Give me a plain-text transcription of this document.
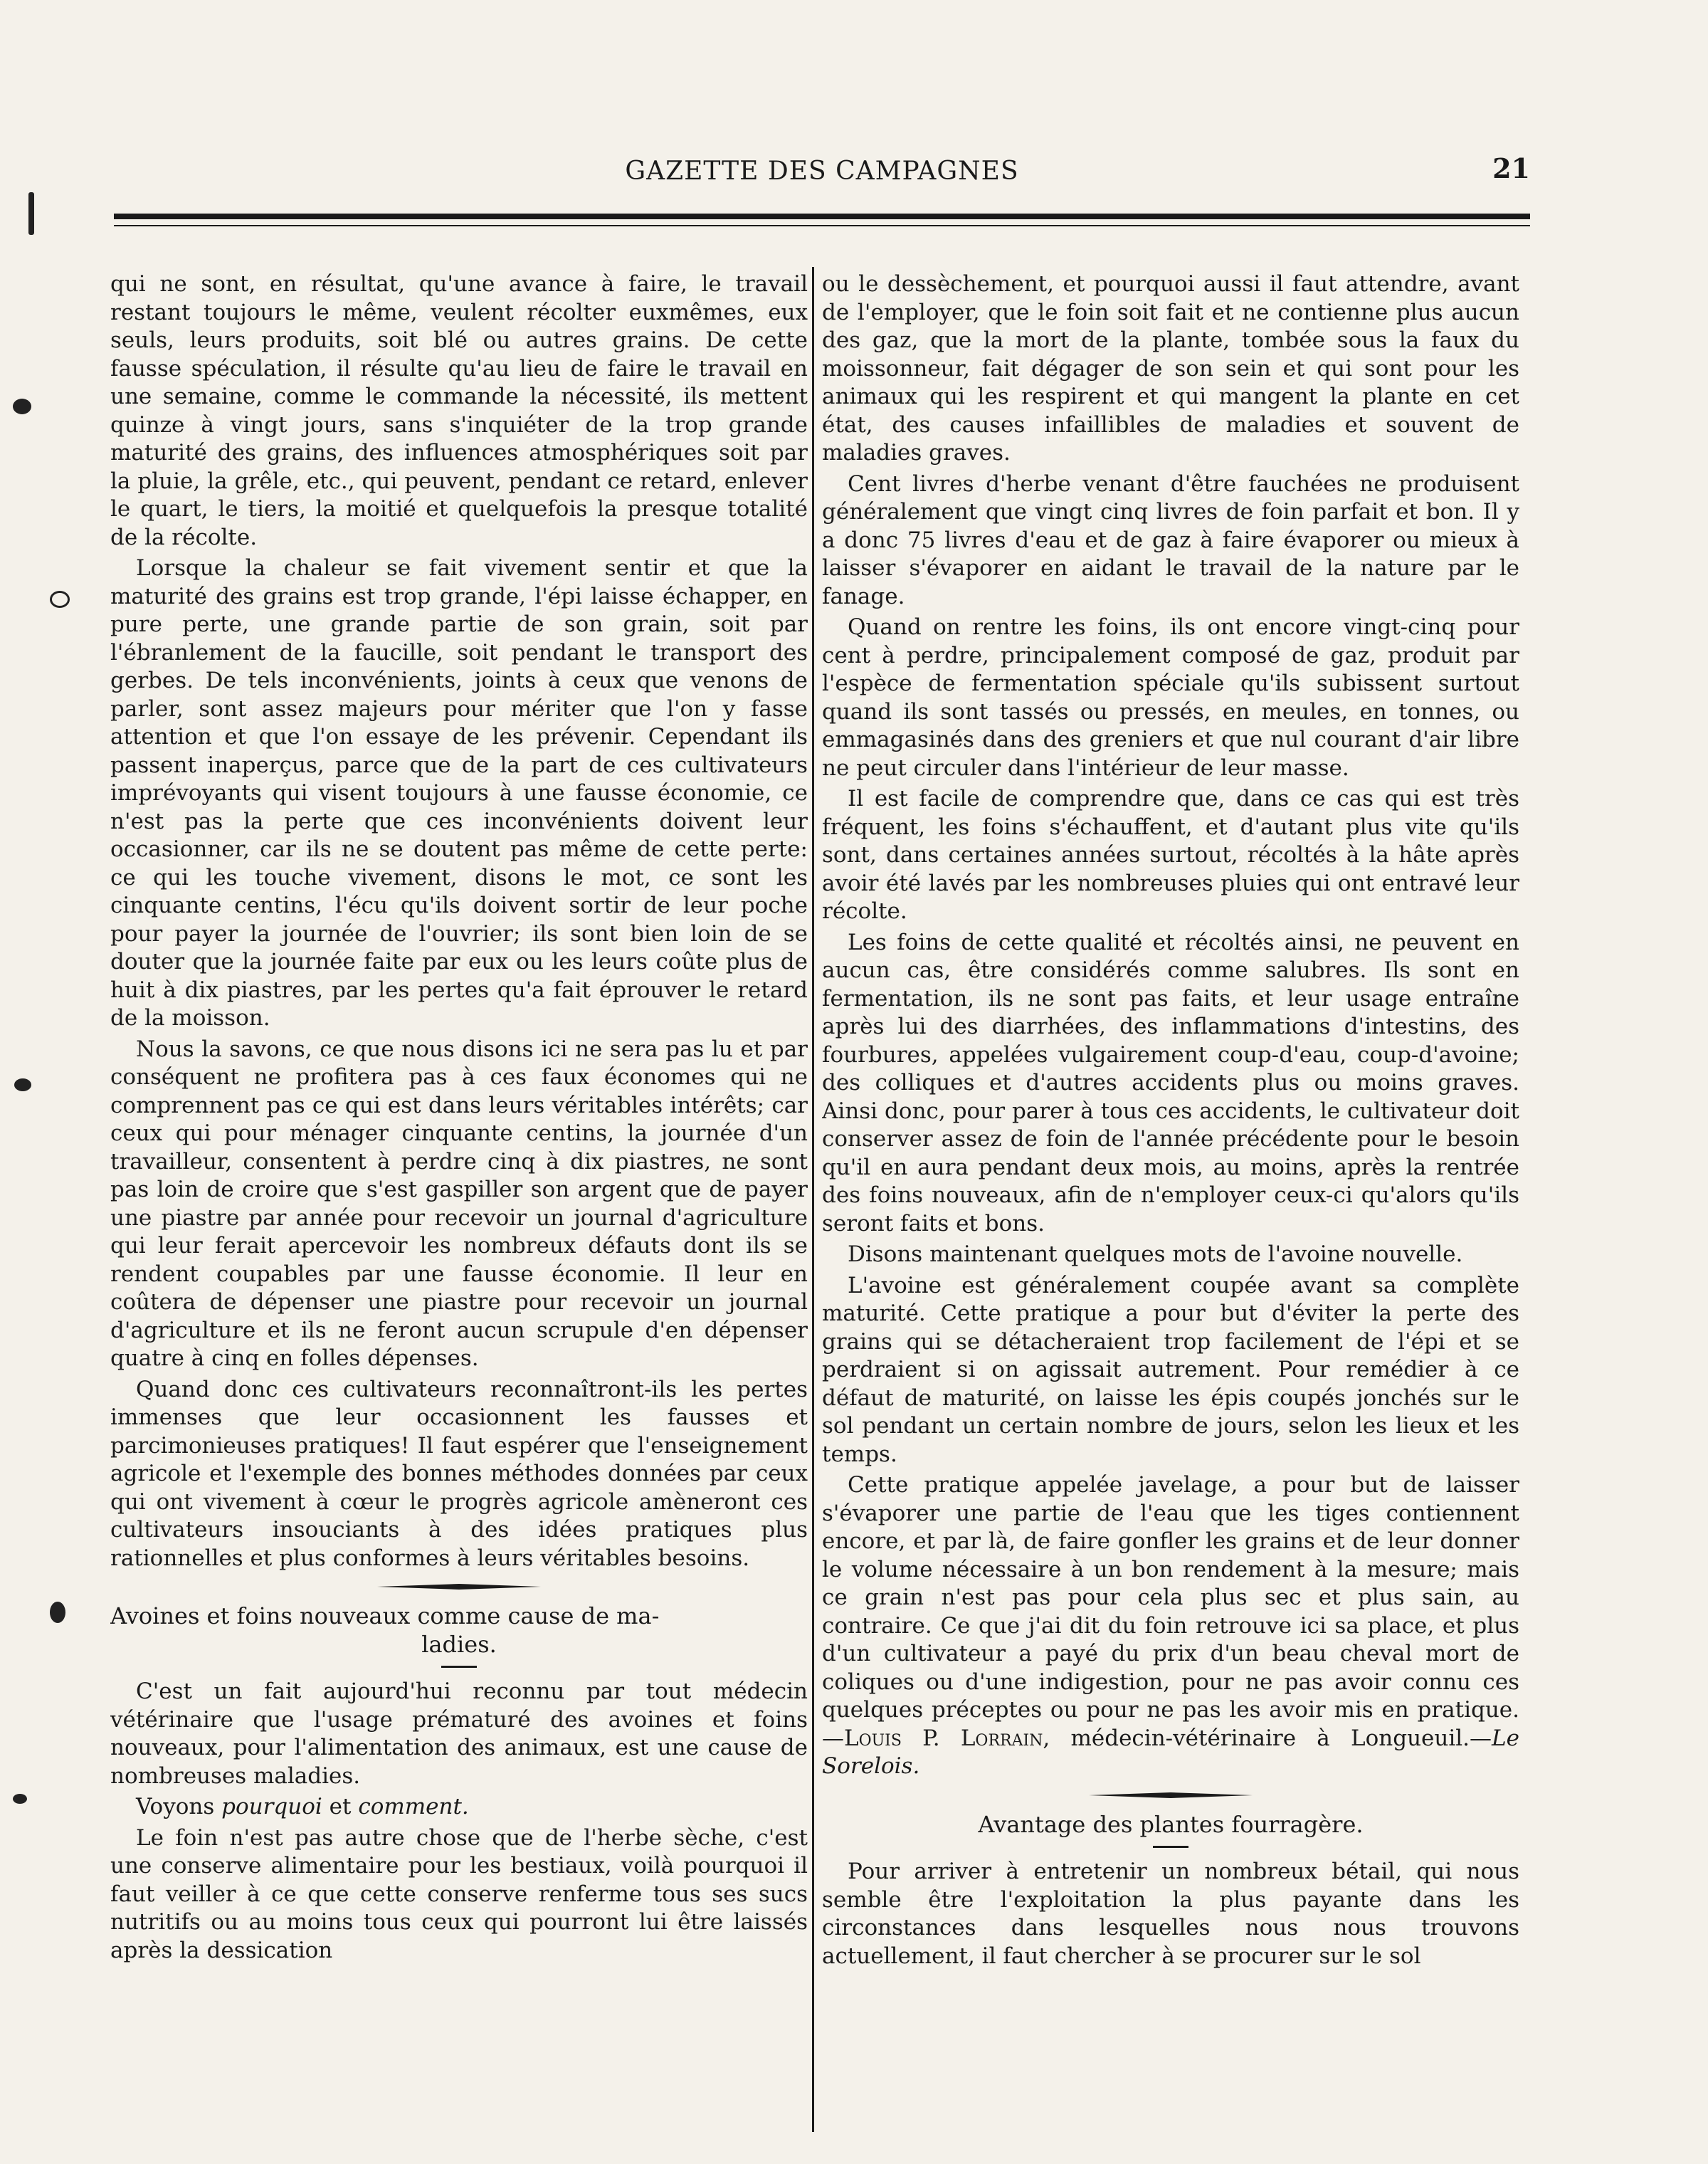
GAZETTE DES CAMPAGNES	21

qui ne sont, en résultat, qu'une avance à faire, le travail restant toujours le même, veulent récolter euxmêmes, eux seuls, leurs produits, soit blé ou autres grains. De cette fausse spéculation, il résulte qu'au lieu de faire le travail en une semaine, comme le commande la nécessité, ils mettent quinze à vingt jours, sans s'inquiéter de la trop grande maturité des grains, des influences atmosphériques soit par la pluie, la grêle, etc., qui peuvent, pendant ce retard, enlever le quart, le tiers, la moitié et quelquefois la presque totalité de la récolte.

Lorsque la chaleur se fait vivement sentir et que la maturité des grains est trop grande, l'épi laisse échapper, en pure perte, une grande partie de son grain, soit par l'ébranlement de la faucille, soit pendant le transport des gerbes. De tels inconvénients, joints à ceux que venons de parler, sont assez majeurs pour mériter que l'on y fasse attention et que l'on essaye de les prévenir. Cependant ils passent inaperçus, parce que de la part de ces cultivateurs imprévoyants qui visent toujours à une fausse économie, ce n'est pas la perte que ces inconvénients doivent leur occasionner, car ils ne se doutent pas même de cette perte: ce qui les touche vivement, disons le mot, ce sont les cinquante centins, l'écu qu'ils doivent sortir de leur poche pour payer la journée de l'ouvrier; ils sont bien loin de se douter que la journée faite par eux ou les leurs coûte plus de huit à dix piastres, par les pertes qu'a fait éprouver le retard de la moisson.

Nous la savons, ce que nous disons ici ne sera pas lu et par conséquent ne profitera pas à ces faux économes qui ne comprennent pas ce qui est dans leurs véritables intérêts; car ceux qui pour ménager cinquante centins, la journée d'un travailleur, consentent à perdre cinq à dix piastres, ne sont pas loin de croire que s'est gaspiller son argent que de payer une piastre par année pour recevoir un journal d'agriculture qui leur ferait apercevoir les nombreux défauts dont ils se rendent coupables par une fausse économie. Il leur en coûtera de dépenser une piastre pour recevoir un journal d'agriculture et ils ne feront aucun scrupule d'en dépenser quatre à cinq en folles dépenses.

Quand donc ces cultivateurs reconnaîtront-ils les pertes immenses que leur occasionnent les fausses et parcimonieuses pratiques! Il faut espérer que l'enseignement agricole et l'exemple des bonnes méthodes données par ceux qui ont vivement à cœur le progrès agricole amèneront ces cultivateurs insouciants à des idées pratiques plus rationnelles et plus conformes à leurs véritables besoins.

Avoines et foins nouveaux comme cause de ma-
ladies.

C'est un fait aujourd'hui reconnu par tout médecin vétérinaire que l'usage prématuré des avoines et foins nouveaux, pour l'alimentation des animaux, est une cause de nombreuses maladies.

Voyons pourquoi et comment.

Le foin n'est pas autre chose que de l'herbe sèche, c'est une conserve alimentaire pour les bestiaux, voilà pourquoi il faut veiller à ce que cette conserve renferme tous ses sucs nutritifs ou au moins tous ceux qui pourront lui être laissés après la dessication

ou le dessèchement, et pourquoi aussi il faut attendre, avant de l'employer, que le foin soit fait et ne contienne plus aucun des gaz, que la mort de la plante, tombée sous la faux du moissonneur, fait dégager de son sein et qui sont pour les animaux qui les respirent et qui mangent la plante en cet état, des causes infaillibles de maladies et souvent de maladies graves.

Cent livres d'herbe venant d'être fauchées ne produisent généralement que vingt cinq livres de foin parfait et bon. Il y a donc 75 livres d'eau et de gaz à faire évaporer ou mieux à laisser s'évaporer en aidant le travail de la nature par le fanage.

Quand on rentre les foins, ils ont encore vingt-cinq pour cent à perdre, principalement composé de gaz, produit par l'espèce de fermentation spéciale qu'ils subissent surtout quand ils sont tassés ou pressés, en meules, en tonnes, ou emmagasinés dans des greniers et que nul courant d'air libre ne peut circuler dans l'intérieur de leur masse.

Il est facile de comprendre que, dans ce cas qui est très fréquent, les foins s'échauffent, et d'autant plus vite qu'ils sont, dans certaines années surtout, récoltés à la hâte après avoir été lavés par les nombreuses pluies qui ont entravé leur récolte.

Les foins de cette qualité et récoltés ainsi, ne peuvent en aucun cas, être considérés comme salubres. Ils sont en fermentation, ils ne sont pas faits, et leur usage entraîne après lui des diarrhées, des inflammations d'intestins, des fourbures, appelées vulgairement coup-d'eau, coup-d'avoine; des colliques et d'autres accidents plus ou moins graves. Ainsi donc, pour parer à tous ces accidents, le cultivateur doit conserver assez de foin de l'année précédente pour le besoin qu'il en aura pendant deux mois, au moins, après la rentrée des foins nouveaux, afin de n'employer ceux-ci qu'alors qu'ils seront faits et bons.

Disons maintenant quelques mots de l'avoine nouvelle.

L'avoine est généralement coupée avant sa complète maturité. Cette pratique a pour but d'éviter la perte des grains qui se détacheraient trop facilement de l'épi et se perdraient si on agissait autrement. Pour remédier à ce défaut de maturité, on laisse les épis coupés jonchés sur le sol pendant un certain nombre de jours, selon les lieux et les temps.

Cette pratique appelée javelage, a pour but de laisser s'évaporer une partie de l'eau que les tiges contiennent encore, et par là, de faire gonfler les grains et de leur donner le volume nécessaire à un bon rendement à la mesure; mais ce grain n'est pas pour cela plus sec et plus sain, au contraire. Ce que j'ai dit du foin retrouve ici sa place, et plus d'un cultivateur a payé du prix d'un beau cheval mort de coliques ou d'une indigestion, pour ne pas avoir connu ces quelques préceptes ou pour ne pas les avoir mis en pratique.—Louis P. Lorrain, médecin-vétérinaire à Longueuil.—Le Sorelois.

Avantage des plantes fourragère.

Pour arriver à entretenir un nombreux bétail, qui nous semble être l'exploitation la plus payante dans les circonstances dans lesquelles nous nous trouvons actuellement, il faut chercher à se procurer sur le sol
